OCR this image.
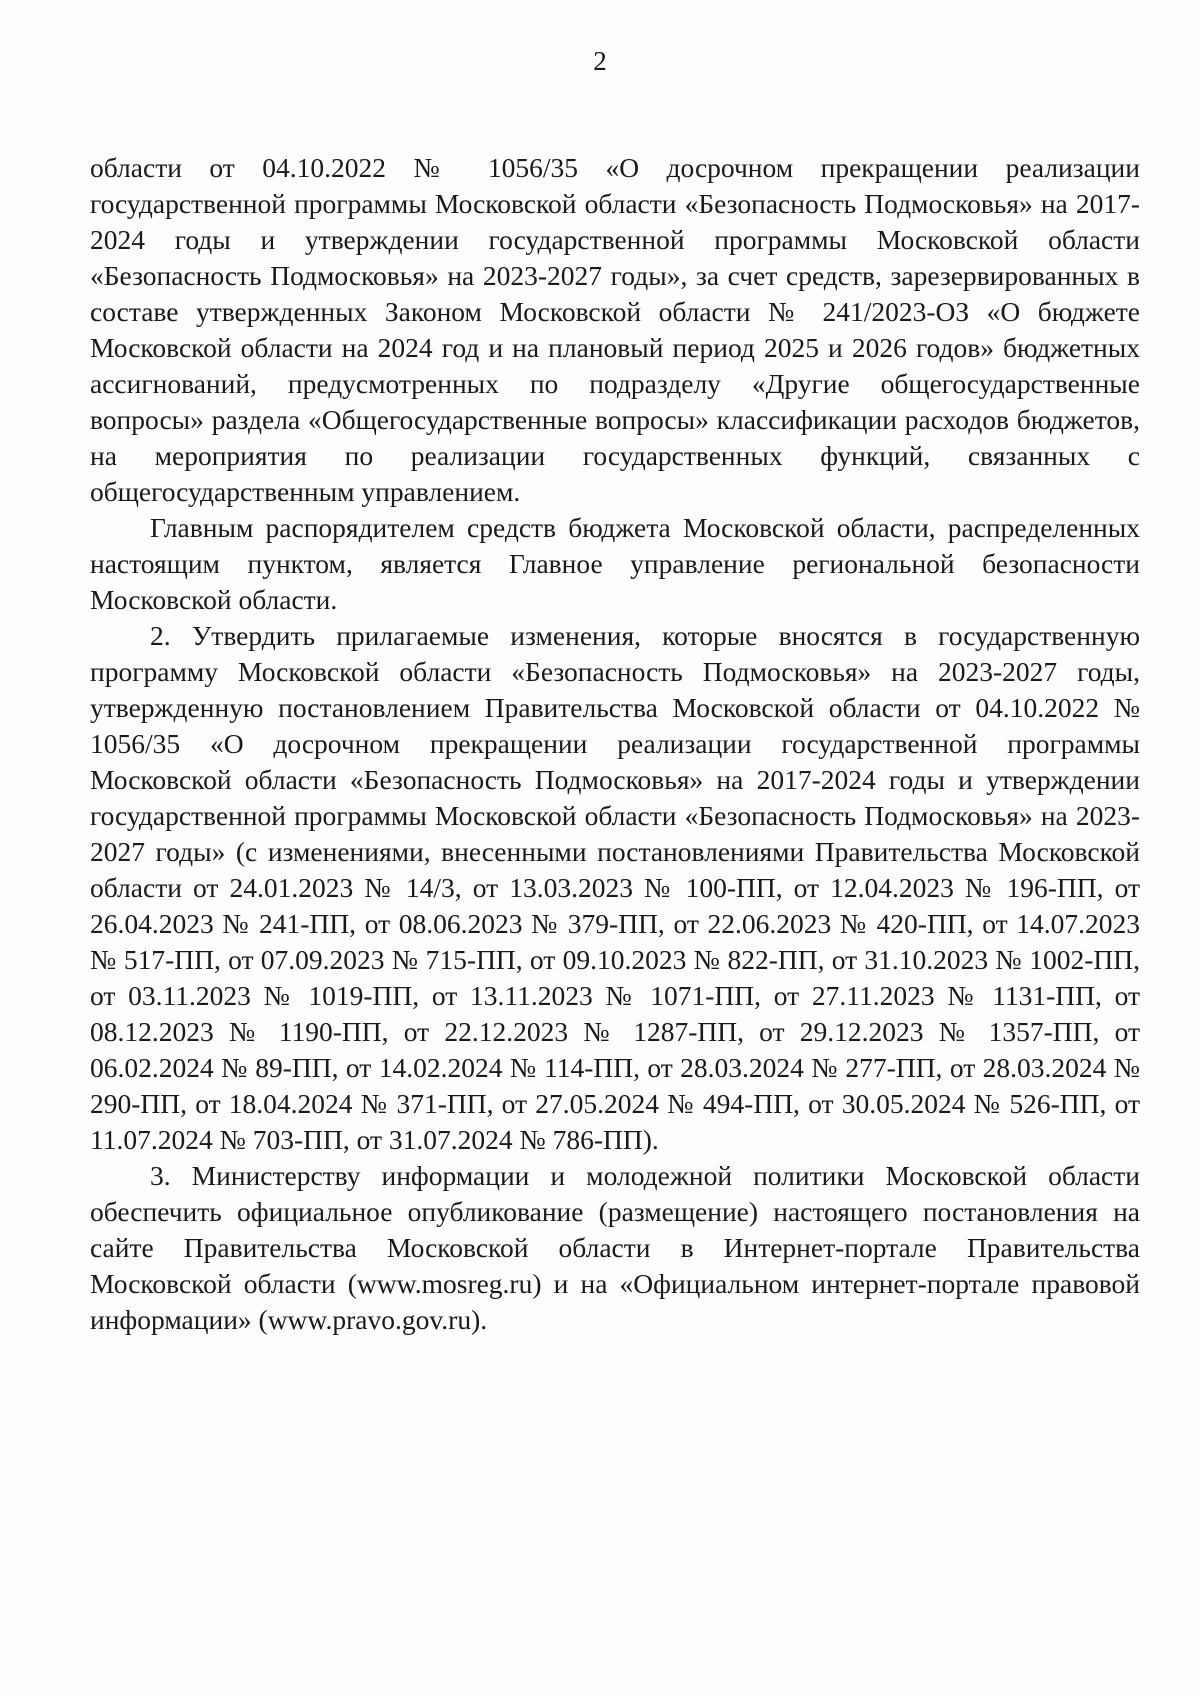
2

области от 04.10.2022 № 1056/35 «О досрочном прекращении реализации государственной программы Московской области «Безопасность Подмосковья» на 2017-2024 годы и утверждении государственной программы Московской области «Безопасность Подмосковья» на 2023-2027 годы», за счет средств, зарезервированных в составе утвержденных Законом Московской области № 241/2023-ОЗ «О бюджете Московской области на 2024 год и на плановый период 2025 и 2026 годов» бюджетных ассигнований, предусмотренных по подразделу «Другие общегосударственные вопросы» раздела «Общегосударственные вопросы» классификации расходов бюджетов, на мероприятия по реализации государственных функций, связанных с общегосударственным управлением.

Главным распорядителем средств бюджета Московской области, распределенных настоящим пунктом, является Главное управление региональной безопасности Московской области.

2. Утвердить прилагаемые изменения, которые вносятся в государственную программу Московской области «Безопасность Подмосковья» на 2023-2027 годы, утвержденную постановлением Правительства Московской области от 04.10.2022 № 1056/35 «О досрочном прекращении реализации государственной программы Московской области «Безопасность Подмосковья» на 2017-2024 годы и утверждении государственной программы Московской области «Безопасность Подмосковья» на 2023-2027 годы» (с изменениями, внесенными постановлениями Правительства Московской области от 24.01.2023 № 14/3, от 13.03.2023 № 100-ПП, от 12.04.2023 № 196-ПП, от 26.04.2023 № 241-ПП, от 08.06.2023 № 379-ПП, от 22.06.2023 № 420-ПП, от 14.07.2023 № 517-ПП, от 07.09.2023 № 715-ПП, от 09.10.2023 № 822-ПП, от 31.10.2023 № 1002-ПП, от 03.11.2023 № 1019-ПП, от 13.11.2023 № 1071-ПП, от 27.11.2023 № 1131-ПП, от 08.12.2023 № 1190-ПП, от 22.12.2023 № 1287-ПП, от 29.12.2023 № 1357-ПП, от 06.02.2024 № 89-ПП, от 14.02.2024 № 114-ПП, от 28.03.2024 № 277-ПП, от 28.03.2024 № 290-ПП, от 18.04.2024 № 371-ПП, от 27.05.2024 № 494-ПП, от 30.05.2024 № 526-ПП, от 11.07.2024 № 703-ПП, от 31.07.2024 № 786-ПП).

3. Министерству информации и молодежной политики Московской области обеспечить официальное опубликование (размещение) настоящего постановления на сайте Правительства Московской области в Интернет-портале Правительства Московской области (www.mosreg.ru) и на «Официальном интернет-портале правовой информации» (www.pravo.gov.ru).
